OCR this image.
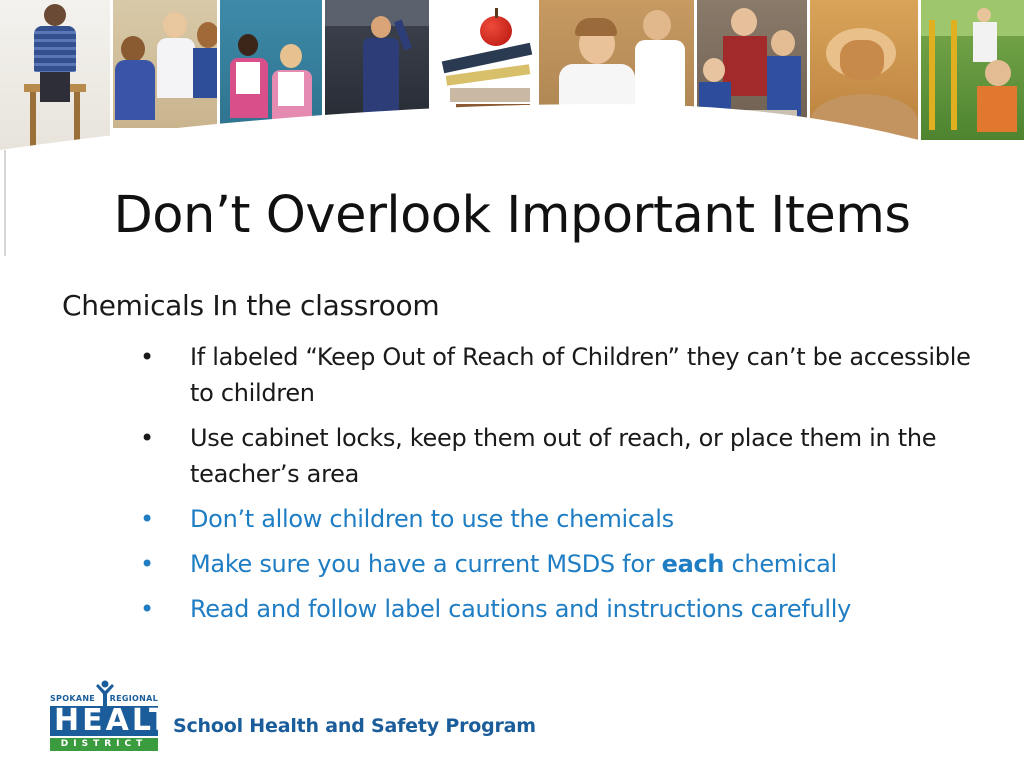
Don’t Overlook Important Items
Chemicals In the classroom
• If labeled “Keep Out of Reach of Children” they can’t be accessible to children
• Use cabinet locks, keep them out of reach, or place them in the teacher’s area
• Don’t allow children to use the chemicals
• Make sure you have a current MSDS for each chemical
• Read and follow label cautions and instructions carefully
SPOKANE REGIONAL
HEALTH
DISTRICT
School Health and Safety Program
